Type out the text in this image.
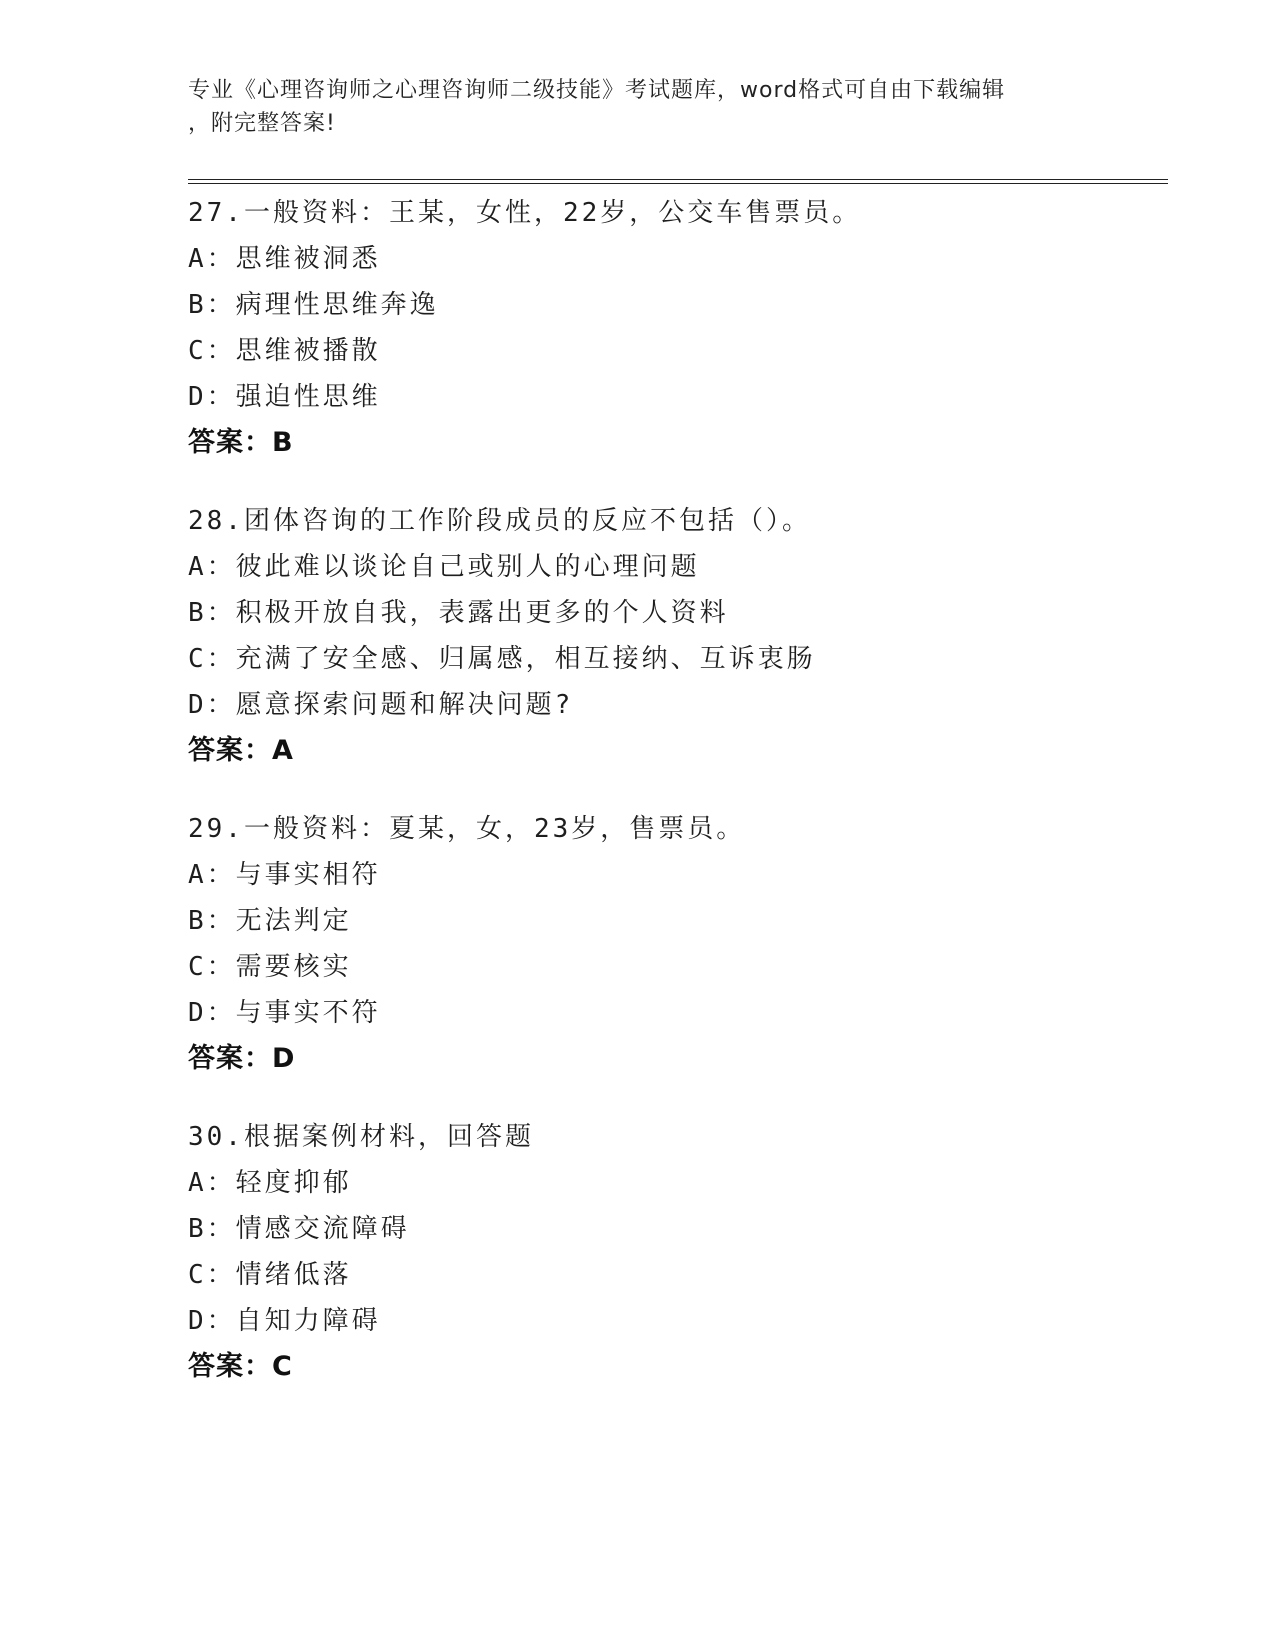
专业《心理咨询师之心理咨询师二级技能》考试题库，word格式可自由下载编辑
，附完整答案!
27.一般资料：王某，女性，22岁，公交车售票员。
A：思维被洞悉
B：病理性思维奔逸
C：思维被播散
D：强迫性思维
答案：B
28.团体咨询的工作阶段成员的反应不包括（）。
A：彼此难以谈论自己或别人的心理问题
B：积极开放自我，表露出更多的个人资料
C：充满了安全感、归属感，相互接纳、互诉衷肠
D：愿意探索问题和解决问题?
答案：A
29.一般资料：夏某，女，23岁，售票员。
A：与事实相符
B：无法判定
C：需要核实
D：与事实不符
答案：D
30.根据案例材料，回答题
A：轻度抑郁
B：情感交流障碍
C：情绪低落
D：自知力障碍
答案：C
